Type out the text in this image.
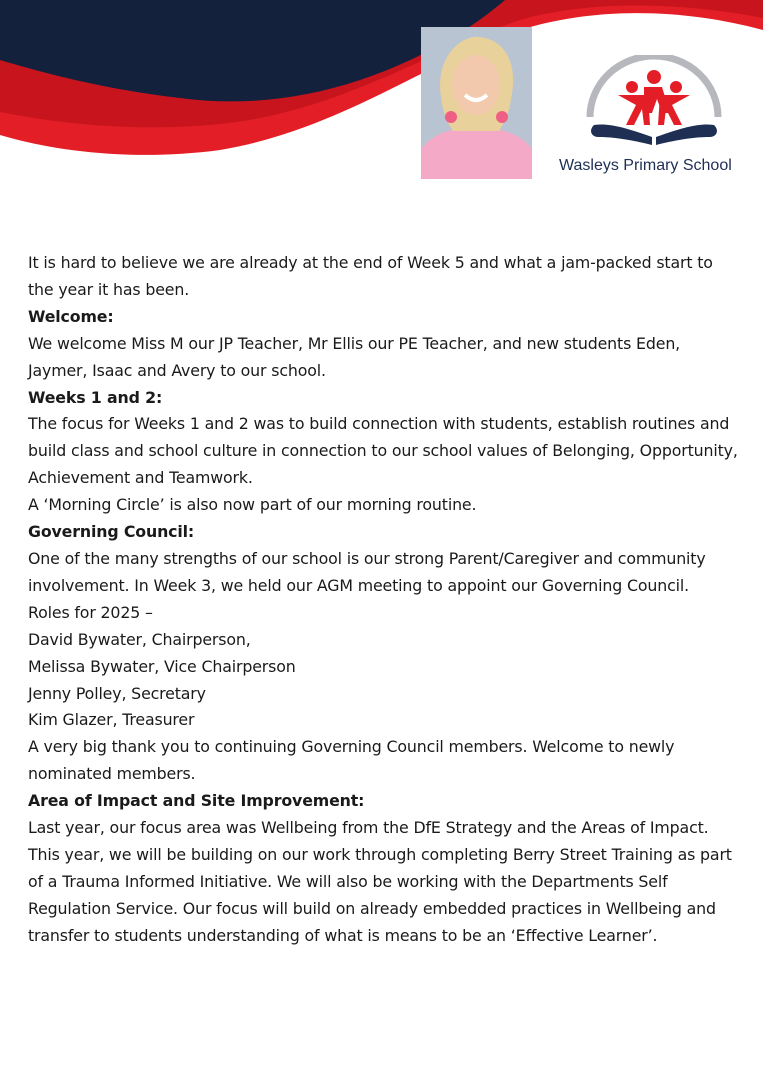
Wasleys Primary School

It is hard to believe we are already at the end of Week 5 and what a jam-packed start to the year it has been.

Welcome:

We welcome Miss M our JP Teacher, Mr Ellis our PE Teacher, and new students Eden, Jaymer, Isaac and Avery to our school.

Weeks 1 and 2:

The focus for Weeks 1 and 2 was to build connection with students, establish routines and build class and school culture in connection to our school values of Belonging, Opportunity, Achievement and Teamwork.

A ‘Morning Circle’ is also now part of our morning routine.

Governing Council:

One of the many strengths of our school is our strong Parent/Caregiver and community involvement. In Week 3, we held our AGM meeting to appoint our Governing Council.

Roles for 2025 –

David Bywater, Chairperson,

Melissa Bywater, Vice Chairperson

Jenny Polley, Secretary

Kim Glazer, Treasurer

A very big thank you to continuing Governing Council members. Welcome to newly nominated members.

Area of Impact and Site Improvement:

Last year, our focus area was Wellbeing from the DfE Strategy and the Areas of Impact. This year, we will be building on our work through completing Berry Street Training as part of a Trauma Informed Initiative. We will also be working with the Departments Self Regulation Service. Our focus will build on already embedded practices in Wellbeing and transfer to students understanding of what is means to be an ‘Effective Learner’.
